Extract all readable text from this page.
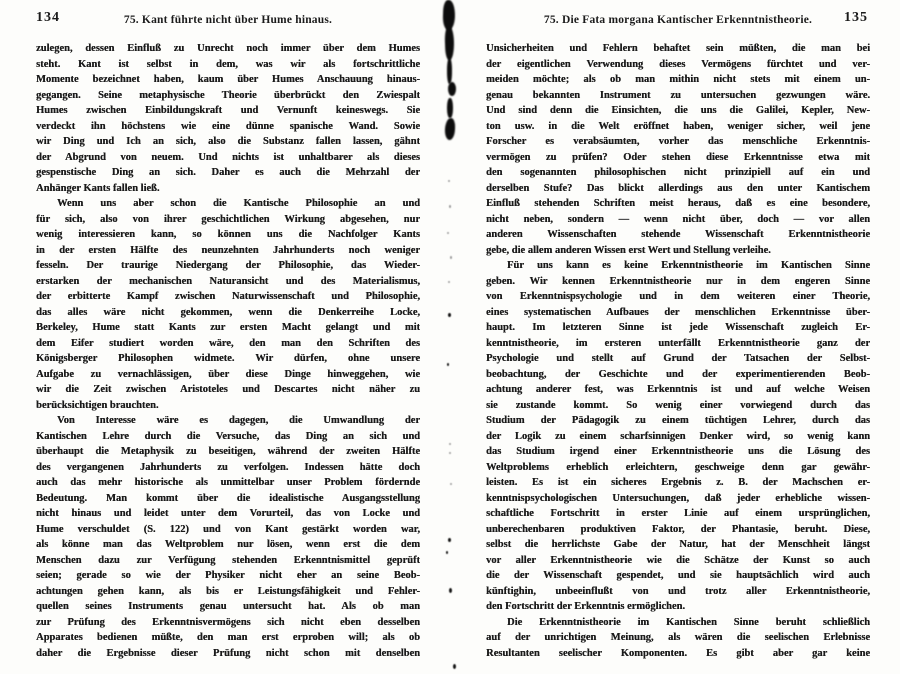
134	75. Kant führte nicht über Hume hinaus.
zulegen, dessen Einfluß zu Unrecht noch immer über dem Humes
steht. Kant ist selbst in dem, was wir als fortschrittliche
Momente bezeichnet haben, kaum über Humes Anschauung hinaus-
gegangen. Seine metaphysische Theorie überbrückt den Zwiespalt
Humes zwischen Einbildungskraft und Vernunft keineswegs. Sie
verdeckt ihn höchstens wie eine dünne spanische Wand. Sowie
wir Ding und Ich an sich, also die Substanz fallen lassen, gähnt
der Abgrund von neuem. Und nichts ist unhaltbarer als dieses
gespenstische Ding an sich. Daher es auch die Mehrzahl der
Anhänger Kants fallen ließ.
  Wenn uns aber schon die Kantische Philosophie an und
für sich, also von ihrer geschichtlichen Wirkung abgesehen, nur
wenig interessieren kann, so können uns die Nachfolger Kants
in der ersten Hälfte des neunzehnten Jahrhunderts noch weniger
fesseln. Der traurige Niedergang der Philosophie, das Wieder-
erstarken der mechanischen Naturansicht und des Materialismus,
der erbitterte Kampf zwischen Naturwissenschaft und Philosophie,
das alles wäre nicht gekommen, wenn die Denkerreihe Locke,
Berkeley, Hume statt Kants zur ersten Macht gelangt und mit
dem Eifer studiert worden wäre, den man den Schriften des
Königsberger Philosophen widmete. Wir dürfen, ohne unsere
Aufgabe zu vernachlässigen, über diese Dinge hinweggehen, wie
wir die Zeit zwischen Aristoteles und Descartes nicht näher zu
berücksichtigen brauchten.
  Von Interesse wäre es dagegen, die Umwandlung der
Kantischen Lehre durch die Versuche, das Ding an sich und
überhaupt die Metaphysik zu beseitigen, während der zweiten Hälfte
des vergangenen Jahrhunderts zu verfolgen. Indessen hätte doch
auch das mehr historische als unmittelbar unser Problem fördernde
Bedeutung. Man kommt über die idealistische Ausgangsstellung
nicht hinaus und leidet unter dem Vorurteil, das von Locke und
Hume verschuldet (S. 122) und von Kant gestärkt worden war,
als könne man das Weltproblem nur lösen, wenn erst die dem
Menschen dazu zur Verfügung stehenden Erkenntnismittel geprüft
seien; gerade so wie der Physiker nicht eher an seine Beob-
achtungen gehen kann, als bis er Leistungsfähigkeit und Fehler-
quellen seines Instruments genau untersucht hat. Als ob man
zur Prüfung des Erkenntnisvermögens sich nicht eben desselben
Apparates bedienen müßte, den man erst erproben will; als ob
daher die Ergebnisse dieser Prüfung nicht schon mit denselben
75. Die Fata morgana Kantischer Erkenntnistheorie. 135
Unsicherheiten und Fehlern behaftet sein müßten, die man bei
der eigentlichen Verwendung dieses Vermögens fürchtet und ver-
meiden möchte; als ob man mithin nicht stets mit einem un-
genau bekannten Instrument zu untersuchen gezwungen wäre.
Und sind denn die Einsichten, die uns die Galilei, Kepler, New-
ton usw. in die Welt eröffnet haben, weniger sicher, weil jene
Forscher es verabsäumten, vorher das menschliche Erkenntnis-
vermögen zu prüfen? Oder stehen diese Erkenntnisse etwa mit
den sogenannten philosophischen nicht prinzipiell auf ein und
derselben Stufe? Das blickt allerdings aus den unter Kantischem
Einfluß stehenden Schriften meist heraus, daß es eine besondere,
nicht neben, sondern — wenn nicht über, doch — vor allen
anderen Wissenschaften stehende Wissenschaft Erkenntnistheorie
gebe, die allem anderen Wissen erst Wert und Stellung verleihe.
  Für uns kann es keine Erkenntnistheorie im Kantischen Sinne
geben. Wir kennen Erkenntnistheorie nur in dem engeren Sinne
von Erkenntnispsychologie und in dem weiteren einer Theorie,
eines systematischen Aufbaues der menschlichen Erkenntnisse über-
haupt. Im letzteren Sinne ist jede Wissenschaft zugleich Er-
kenntnistheorie, im ersteren unterfällt Erkenntnistheorie ganz der
Psychologie und stellt auf Grund der Tatsachen der Selbst-
beobachtung, der Geschichte und der experimentierenden Beob-
achtung anderer fest, was Erkenntnis ist und auf welche Weisen
sie zustande kommt. So wenig einer vorwiegend durch das
Studium der Pädagogik zu einem tüchtigen Lehrer, durch das
der Logik zu einem scharfsinnigen Denker wird, so wenig kann
das Studium irgend einer Erkenntnistheorie uns die Lösung des
Weltproblems erheblich erleichtern, geschweige denn gar gewähr-
leisten. Es ist ein sicheres Ergebnis z. B. der Machschen er-
kenntnispsychologischen Untersuchungen, daß jeder erhebliche wissen-
schaftliche Fortschritt in erster Linie auf einem ursprünglichen,
unberechenbaren produktiven Faktor, der Phantasie, beruht. Diese,
selbst die herrlichste Gabe der Natur, hat der Menschheit längst
vor aller Erkenntnistheorie wie die Schätze der Kunst so auch
die der Wissenschaft gespendet, und sie hauptsächlich wird auch
künftighin, unbeeinflußt von und trotz aller Erkenntnistheorie,
den Fortschritt der Erkenntnis ermöglichen.
  Die Erkenntnistheorie im Kantischen Sinne beruht schließlich
auf der unrichtigen Meinung, als wären die seelischen Erlebnisse
Resultanten seelischer Komponenten. Es gibt aber gar keine
